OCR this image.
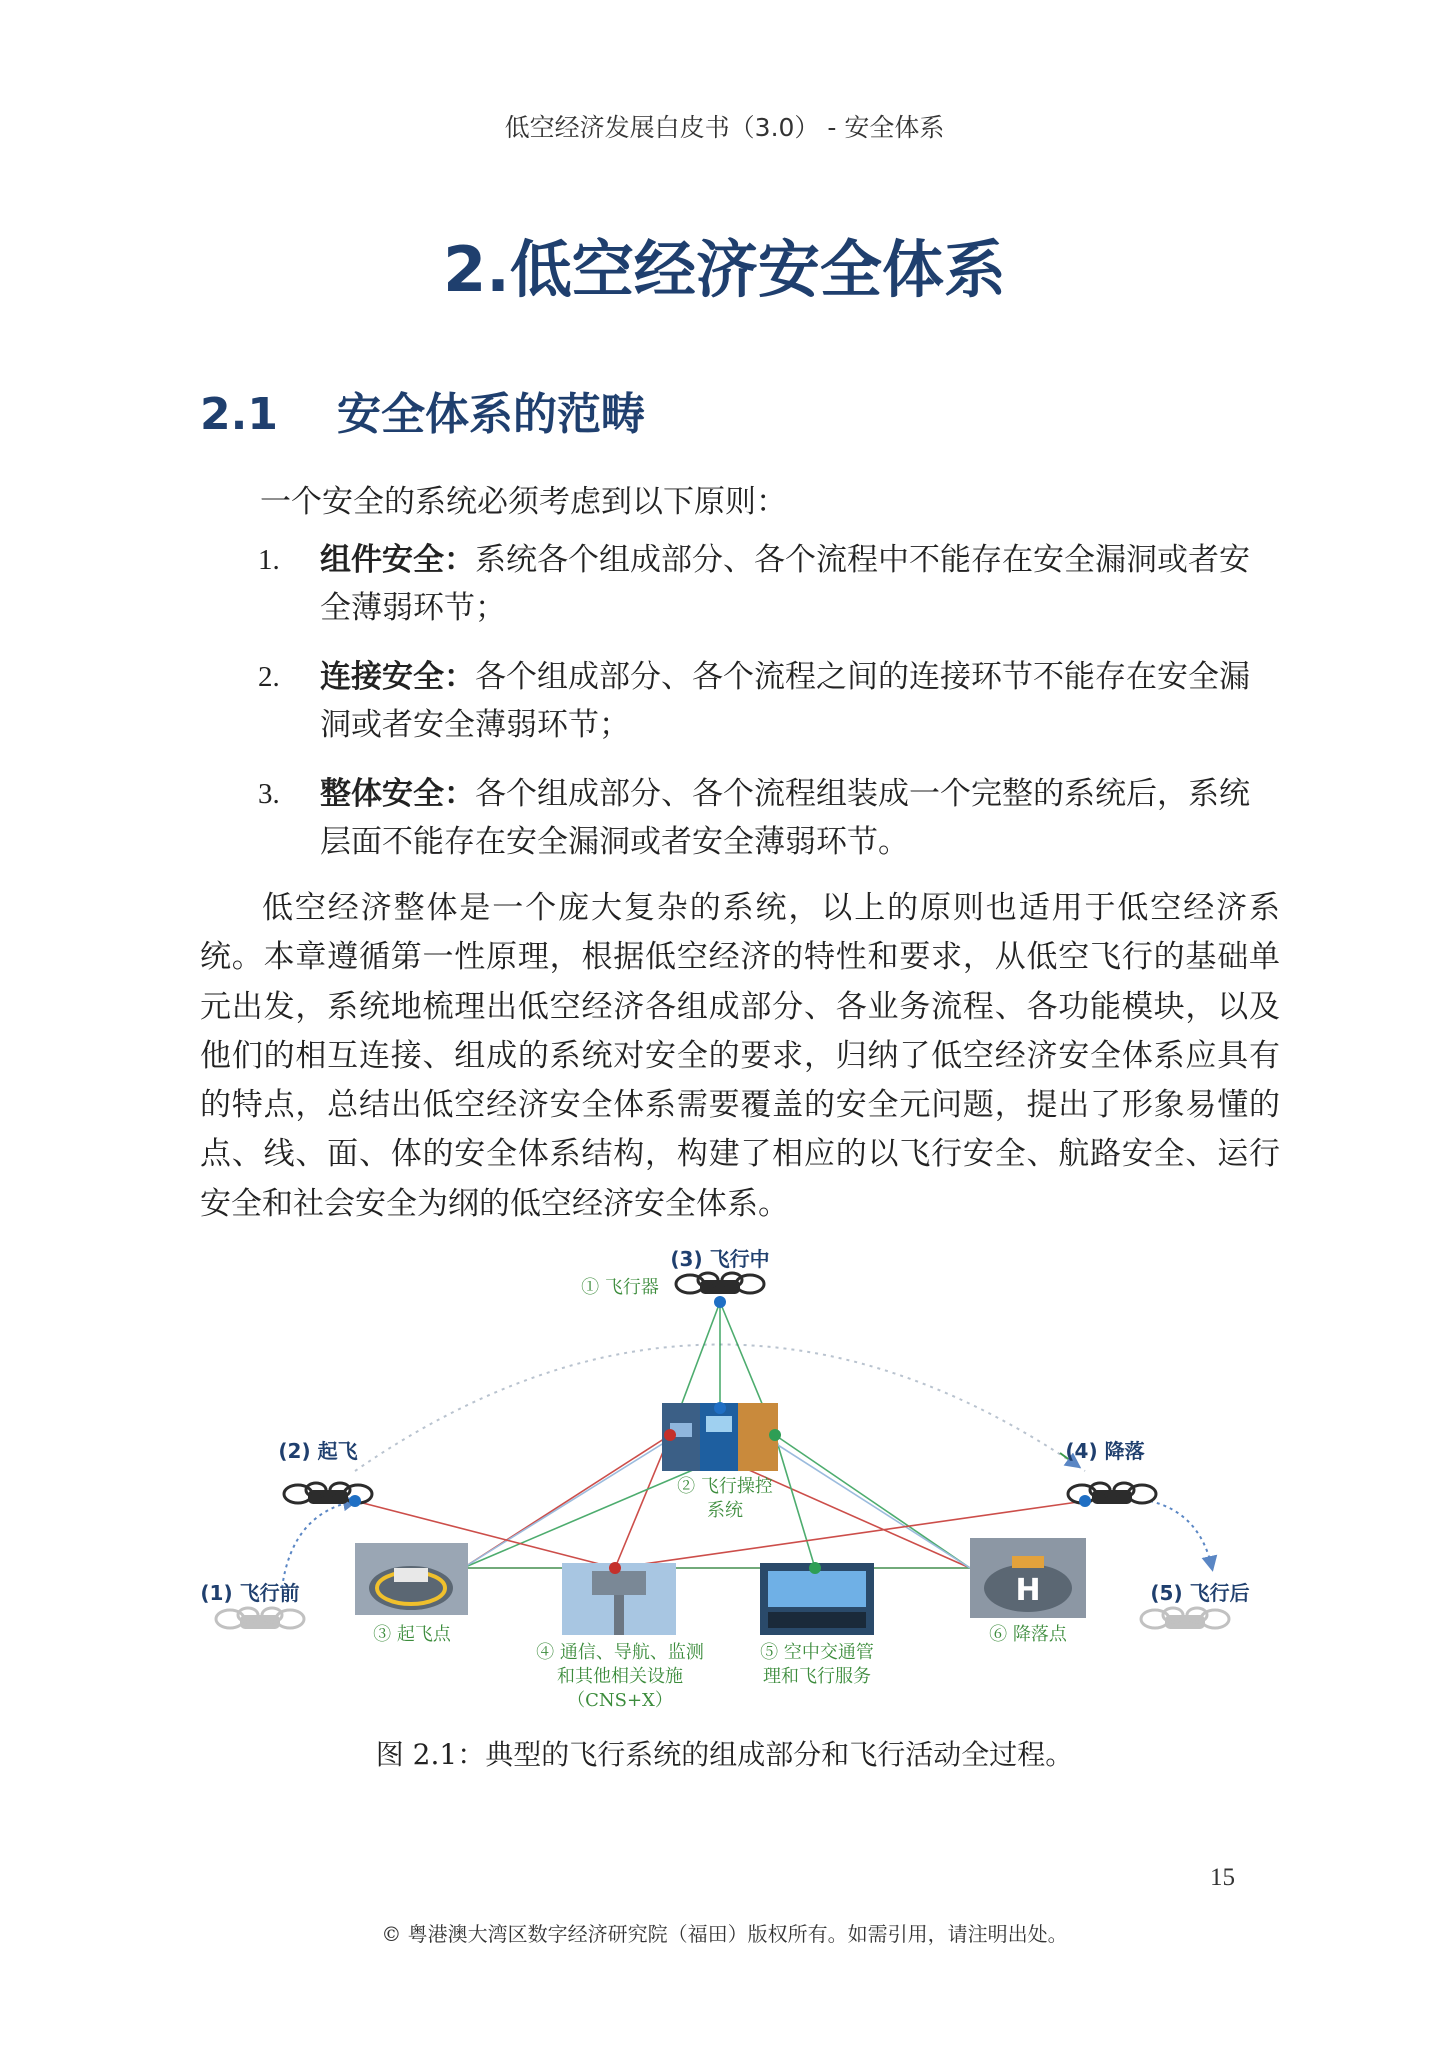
低空经济发展白皮书（3.0） - 安全体系
2.低空经济安全体系
2.1 安全体系的范畴

一个安全的系统必须考虑到以下原则：

1. 组件安全：系统各个组成部分、各个流程中不能存在安全漏洞或者安全薄弱环节；
2. 连接安全：各个组成部分、各个流程之间的连接环节不能存在安全漏洞或者安全薄弱环节；
3. 整体安全：各个组成部分、各个流程组装成一个完整的系统后，系统层面不能存在安全漏洞或者安全薄弱环节。

低空经济整体是一个庞大复杂的系统，以上的原则也适用于低空经济系统。本章遵循第一性原理，根据低空经济的特性和要求，从低空飞行的基础单元出发，系统地梳理出低空经济各组成部分、各业务流程、各功能模块，以及他们的相互连接、组成的系统对安全的要求，归纳了低空经济安全体系应具有的特点，总结出低空经济安全体系需要覆盖的安全元问题，提出了形象易懂的点、线、面、体的安全体系结构，构建了相应的以飞行安全、航路安全、运行安全和社会安全为纲的低空经济安全体系。

H
(3) 飞行中
(2) 起飞	(4) 降落
(1) 飞行前	(5) 飞行后
① 飞行器
② 飞行操控
系统
③ 起飞点
④ 通信、导航、监测
和其他相关设施
（CNS+X）
⑤ 空中交通管
理和飞行服务
⑥ 降落点

图 2.1：典型的飞行系统的组成部分和飞行活动全过程。

15
© 粤港澳大湾区数字经济研究院（福田）版权所有。如需引用，请注明出处。
